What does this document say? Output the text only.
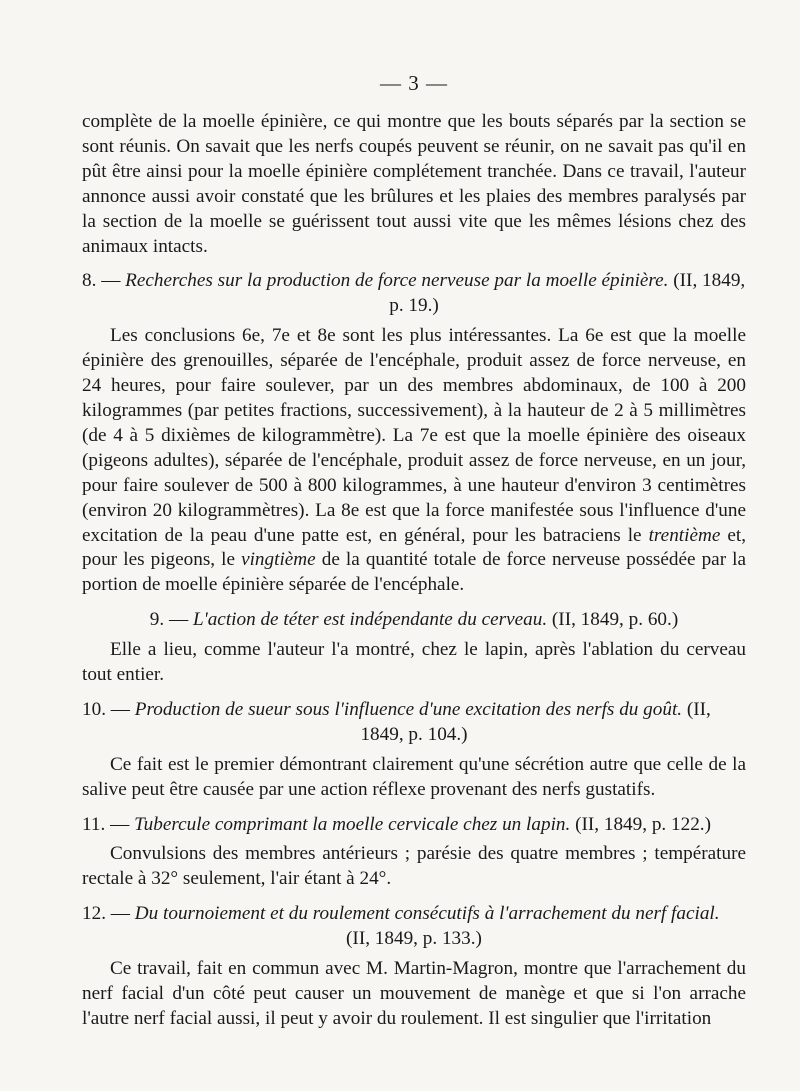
— 3 —

complète de la moelle épinière, ce qui montre que les bouts séparés par la section se sont réunis. On savait que les nerfs coupés peuvent se réunir, on ne savait pas qu'il en pût être ainsi pour la moelle épinière complétement tranchée. Dans ce travail, l'auteur annonce aussi avoir constaté que les brûlures et les plaies des membres paralysés par la section de la moelle se guérissent tout aussi vite que les mêmes lésions chez des animaux intacts.

8. — Recherches sur la production de force nerveuse par la moelle épinière. (II, 1849,
p. 19.)

Les conclusions 6e, 7e et 8e sont les plus intéressantes. La 6e est que la moelle épinière des grenouilles, séparée de l'encéphale, produit assez de force nerveuse, en 24 heures, pour faire soulever, par un des membres abdominaux, de 100 à 200 kilogrammes (par petites fractions, successivement), à la hauteur de 2 à 5 millimètres (de 4 à 5 dixièmes de kilogrammètre). La 7e est que la moelle épinière des oiseaux (pigeons adultes), séparée de l'encéphale, produit assez de force nerveuse, en un jour, pour faire soulever de 500 à 800 kilogrammes, à une hauteur d'environ 3 centimètres (environ 20 kilogrammètres). La 8e est que la force manifestée sous l'influence d'une excitation de la peau d'une patte est, en général, pour les batraciens le trentième et, pour les pigeons, le vingtième de la quantité totale de force nerveuse possédée par la portion de moelle épinière séparée de l'encéphale.

9. — L'action de téter est indépendante du cerveau. (II, 1849, p. 60.)

Elle a lieu, comme l'auteur l'a montré, chez le lapin, après l'ablation du cerveau tout entier.

10. — Production de sueur sous l'influence d'une excitation des nerfs du goût. (II,
1849, p. 104.)

Ce fait est le premier démontrant clairement qu'une sécrétion autre que celle de la salive peut être causée par une action réflexe provenant des nerfs gustatifs.

11. — Tubercule comprimant la moelle cervicale chez un lapin. (II, 1849, p. 122.)

Convulsions des membres antérieurs ; parésie des quatre membres ; température rectale à 32° seulement, l'air étant à 24°.

12. — Du tournoiement et du roulement consécutifs à l'arrachement du nerf facial.
(II, 1849, p. 133.)

Ce travail, fait en commun avec M. Martin-Magron, montre que l'arrachement du nerf facial d'un côté peut causer un mouvement de manège et que si l'on arrache l'autre nerf facial aussi, il peut y avoir du roulement. Il est singulier que l'irritation
